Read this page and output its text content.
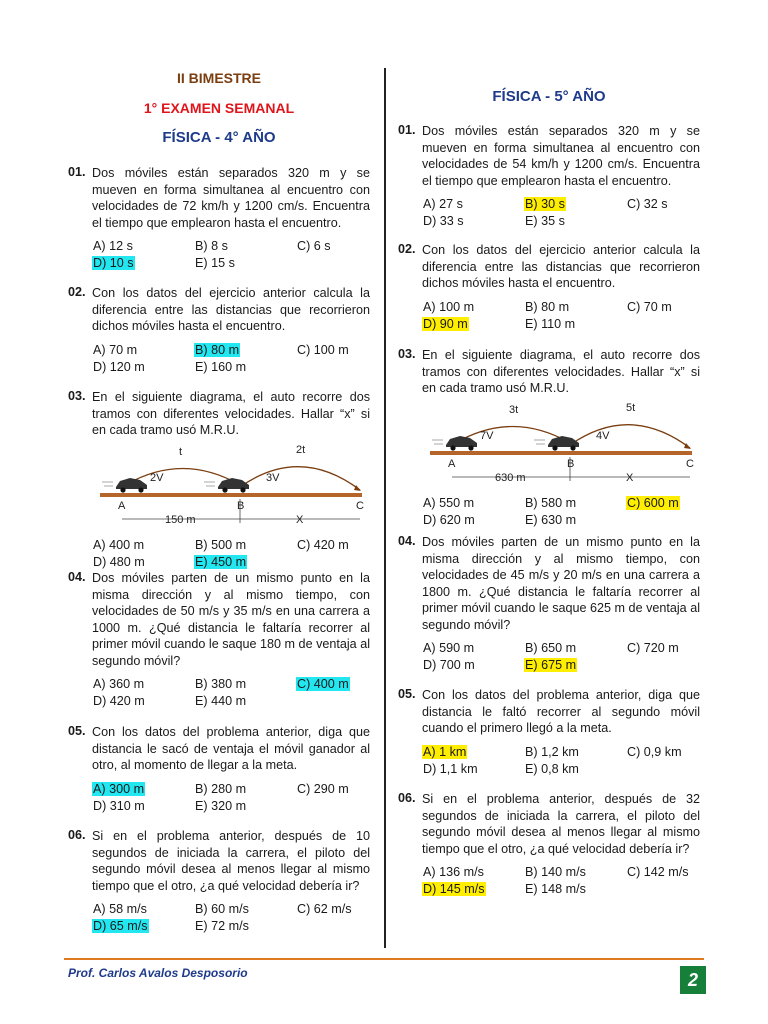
II BIMESTRE
1° EXAMEN SEMANAL
FÍSICA - 4° AÑO
FÍSICA - 5° AÑO
01. Dos móviles están separados 320 m y se mueven en forma simultanea al encuentro con velocidades de 72 km/h y 1200 cm/s. Encuentra el tiempo que emplearon hasta el encuentro.
A) 12 s	B) 8 s	C) 6 s
D) 10 s	E) 15 s
02. Con los datos del ejercicio anterior calcula la diferencia entre las distancias que recorrieron dichos móviles hasta el encuentro.
A) 70 m	B) 80 m	C) 100 m
D) 120 m	E) 160 m
03. En el siguiente diagrama, el auto recorre dos tramos con diferentes velocidades. Hallar “x” si en cada tramo usó M.R.U.
t	2t
2V	3V
A	B	C
150 m	X
A) 400 m	B) 500 m	C) 420 m
D) 480 m	E) 450 m
04. Dos móviles parten de un mismo punto en la misma dirección y al mismo tiempo, con velocidades de 50 m/s y 35 m/s en una carrera a 1000 m. ¿Qué distancia le faltaría recorrer al primer móvil cuando le saque 180 m de ventaja al segundo móvil?
A) 360 m	B) 380 m	C) 400 m
D) 420 m	E) 440 m
05. Con los datos del problema anterior, diga que distancia le sacó de ventaja el móvil ganador al otro, al momento de llegar a la meta.
A) 300 m	B) 280 m	C) 290 m
D) 310 m	E) 320 m
06. Si en el problema anterior, después de 10 segundos de iniciada la carrera, el piloto del segundo móvil desea al menos llegar al mismo tiempo que el otro, ¿a qué velocidad debería ir?
A) 58 m/s	B) 60 m/s	C) 62 m/s
D) 65 m/s	E) 72 m/s
01. Dos móviles están separados 320 m y se mueven en forma simultanea al encuentro con velocidades de 54 km/h y 1200 cm/s. Encuentra el tiempo que emplearon hasta el encuentro.
A) 27 s	B) 30 s	C) 32 s
D) 33 s	E) 35 s
02. Con los datos del ejercicio anterior calcula la diferencia entre las distancias que recorrieron dichos móviles hasta el encuentro.
A) 100 m	B) 80 m	C) 70 m
D) 90 m	E) 110 m
03. En el siguiente diagrama, el auto recorre dos tramos con diferentes velocidades. Hallar “x” si en cada tramo usó M.R.U.
3t	5t
7V	4V
A	B	C
630 m	X
A) 550 m	B) 580 m	C) 600 m
D) 620 m	E) 630 m
04. Dos móviles parten de un mismo punto en la misma dirección y al mismo tiempo, con velocidades de 45 m/s y 20 m/s en una carrera a 1800 m. ¿Qué distancia le faltaría recorrer al primer móvil cuando le saque 625 m de ventaja al segundo móvil?
A) 590 m	B) 650 m	C) 720 m
D) 700 m	E) 675 m
05. Con los datos del problema anterior, diga que distancia le faltó recorrer al segundo móvil cuando el primero llegó a la meta.
A) 1 km	B) 1,2 km	C) 0,9 km
D) 1,1 km	E) 0,8 km
06. Si en el problema anterior, después de 32 segundos de iniciada la carrera, el piloto del segundo móvil desea al menos llegar al mismo tiempo que el otro, ¿a qué velocidad debería ir?
A) 136 m/s	B) 140 m/s	C) 142 m/s
D) 145 m/s	E) 148 m/s
Prof. Carlos Avalos Desposorio	2
